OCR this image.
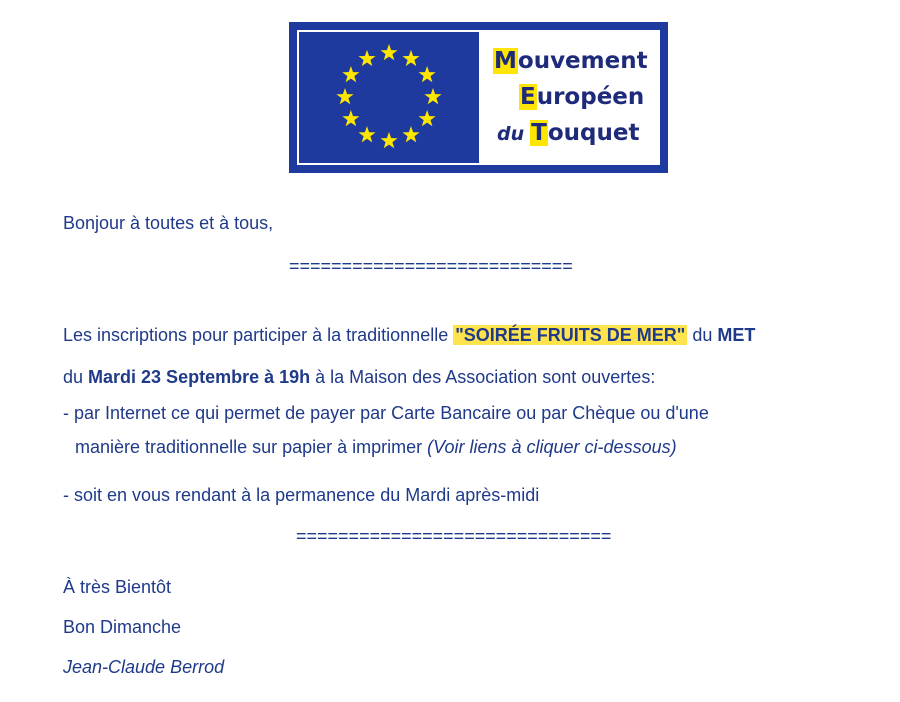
Mouvement
Européen
du Touquet
Bonjour à toutes et à tous,
===========================
Les inscriptions pour participer à la traditionnelle "SOIRÉE FRUITS DE MER" du MET
du Mardi 23 Septembre à 19h à la Maison des Association sont ouvertes:
- par Internet ce qui permet de payer par Carte Bancaire ou par Chèque ou d'une
manière traditionnelle sur papier à imprimer (Voir liens à cliquer ci-dessous)
- soit en vous rendant à la permanence du Mardi après-midi
==============================
À très Bientôt
Bon Dimanche
Jean-Claude Berrod
